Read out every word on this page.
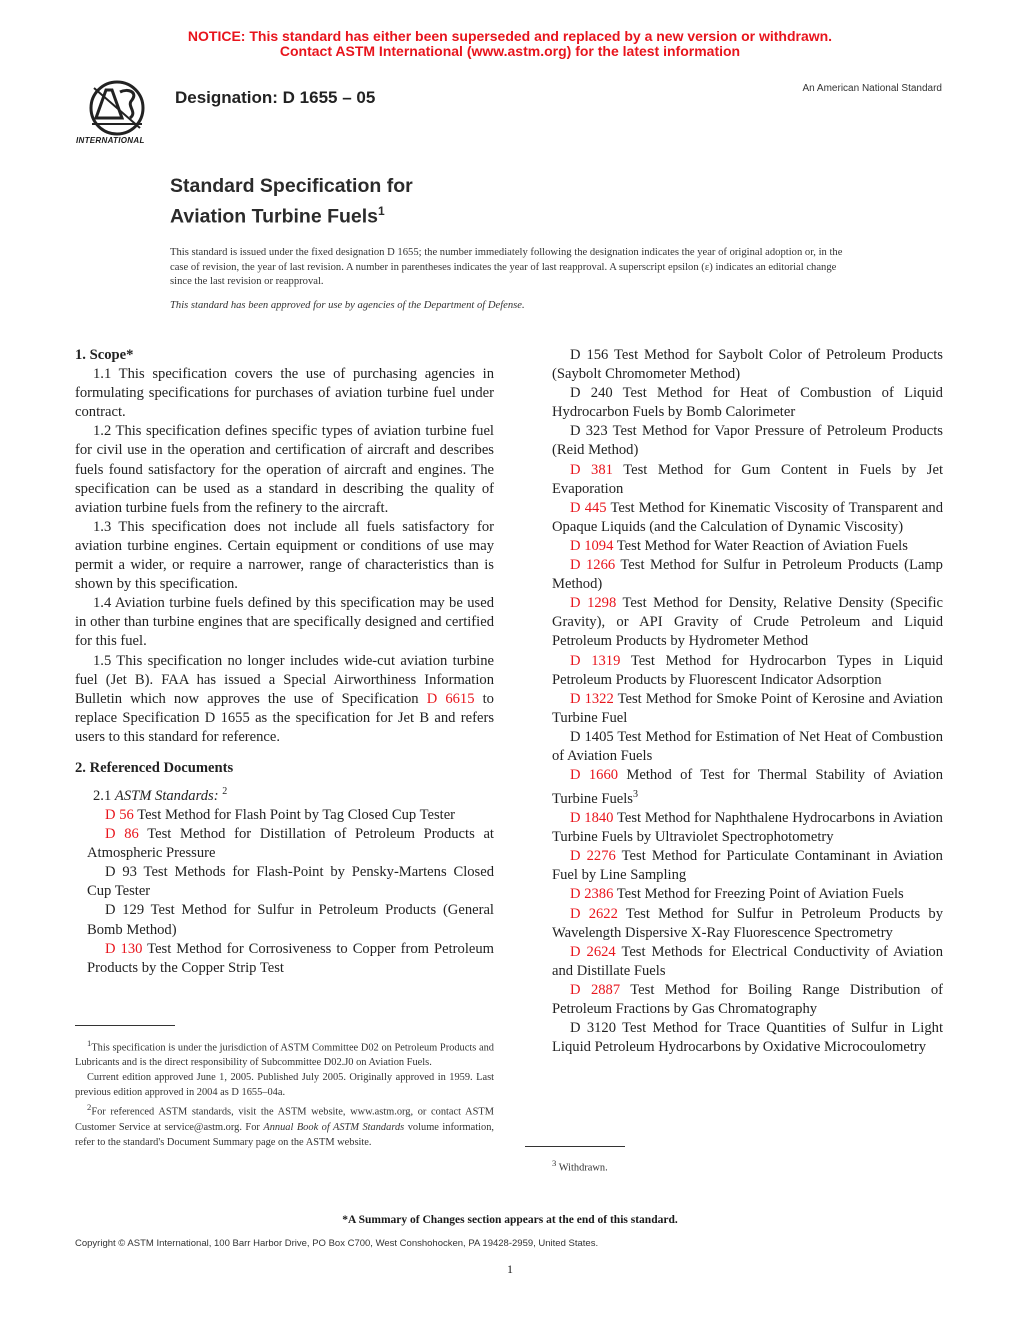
NOTICE: This standard has either been superseded and replaced by a new version or withdrawn.
Contact ASTM International (www.astm.org) for the latest information
INTERNATIONAL
Designation: D 1655 – 05	An American National Standard
Standard Specification for
Aviation Turbine Fuels$^1$
This standard is issued under the fixed designation D 1655; the number immediately following the designation indicates the year of original adoption or, in the case of revision, the year of last revision. A number in parentheses indicates the year of last reapproval. A superscript epsilon (ε) indicates an editorial change since the last revision or reapproval.
This standard has been approved for use by agencies of the Department of Defense.
1. Scope*

1.1 This specification covers the use of purchasing agencies in formulating specifications for purchases of aviation turbine fuel under contract.

1.2 This specification defines specific types of aviation turbine fuel for civil use in the operation and certification of aircraft and describes fuels found satisfactory for the operation of aircraft and engines. The specification can be used as a standard in describing the quality of aviation turbine fuels from the refinery to the aircraft.

1.3 This specification does not include all fuels satisfactory for aviation turbine engines. Certain equipment or conditions of use may permit a wider, or require a narrower, range of characteristics than is shown by this specification.

1.4 Aviation turbine fuels defined by this specification may be used in other than turbine engines that are specifically designed and certified for this fuel.

1.5 This specification no longer includes wide-cut aviation turbine fuel (Jet B). FAA has issued a Special Airworthiness Information Bulletin which now approves the use of Specification D 6615 to replace Specification D 1655 as the specification for Jet B and refers users to this standard for reference.

2. Referenced Documents

2.1 ASTM Standards: $^2$

D 56 Test Method for Flash Point by Tag Closed Cup Tester

D 86 Test Method for Distillation of Petroleum Products at Atmospheric Pressure

D 93 Test Methods for Flash-Point by Pensky-Martens Closed Cup Tester

D 129 Test Method for Sulfur in Petroleum Products (General Bomb Method)

D 130 Test Method for Corrosiveness to Copper from Petroleum Products by the Copper Strip Test

$^1$This specification is under the jurisdiction of ASTM Committee D02 on Petroleum Products and Lubricants and is the direct responsibility of Subcommittee D02.J0 on Aviation Fuels.

Current edition approved June 1, 2005. Published July 2005. Originally approved in 1959. Last previous edition approved in 2004 as D 1655–04a.

$^2$For referenced ASTM standards, visit the ASTM website, www.astm.org, or contact ASTM Customer Service at service@astm.org. For Annual Book of ASTM Standards volume information, refer to the standard's Document Summary page on the ASTM website.

D 156 Test Method for Saybolt Color of Petroleum Products (Saybolt Chromometer Method)

D 240 Test Method for Heat of Combustion of Liquid Hydrocarbon Fuels by Bomb Calorimeter

D 323 Test Method for Vapor Pressure of Petroleum Products (Reid Method)

D 381 Test Method for Gum Content in Fuels by Jet Evaporation

D 445 Test Method for Kinematic Viscosity of Transparent and Opaque Liquids (and the Calculation of Dynamic Viscosity)

D 1094 Test Method for Water Reaction of Aviation Fuels

D 1266 Test Method for Sulfur in Petroleum Products (Lamp Method)

D 1298 Test Method for Density, Relative Density (Specific Gravity), or API Gravity of Crude Petroleum and Liquid Petroleum Products by Hydrometer Method

D 1319 Test Method for Hydrocarbon Types in Liquid Petroleum Products by Fluorescent Indicator Adsorption

D 1322 Test Method for Smoke Point of Kerosine and Aviation Turbine Fuel

D 1405 Test Method for Estimation of Net Heat of Combustion of Aviation Fuels

D 1660 Method of Test for Thermal Stability of Aviation Turbine Fuels$^3$

D 1840 Test Method for Naphthalene Hydrocarbons in Aviation Turbine Fuels by Ultraviolet Spectrophotometry

D 2276 Test Method for Particulate Contaminant in Aviation Fuel by Line Sampling

D 2386 Test Method for Freezing Point of Aviation Fuels

D 2622 Test Method for Sulfur in Petroleum Products by Wavelength Dispersive X-Ray Fluorescence Spectrometry

D 2624 Test Methods for Electrical Conductivity of Aviation and Distillate Fuels

D 2887 Test Method for Boiling Range Distribution of Petroleum Fractions by Gas Chromatography

D 3120 Test Method for Trace Quantities of Sulfur in Light Liquid Petroleum Hydrocarbons by Oxidative Microcoulometry

$^3$ Withdrawn.

*A Summary of Changes section appears at the end of this standard.
Copyright © ASTM International, 100 Barr Harbor Drive, PO Box C700, West Conshohocken, PA 19428-2959, United States.
1
